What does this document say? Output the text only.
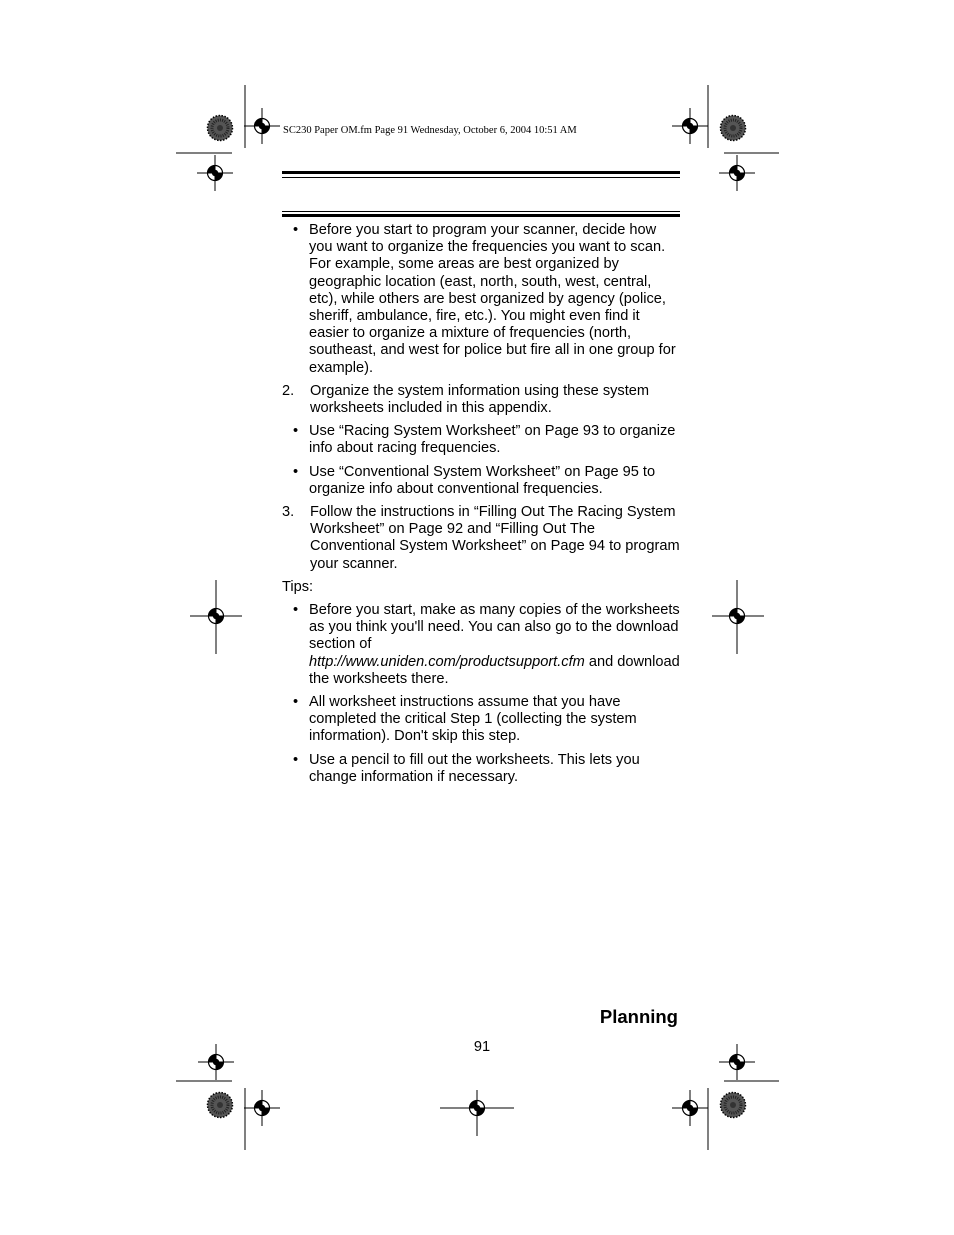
SC230 Paper OM.fm Page 91 Wednesday, October 6, 2004 10:51 AM
• Before you start to program your scanner, decide how you want to organize the frequencies you want to scan. For example, some areas are best organized by geographic location (east, north, south, west, central, etc), while others are best organized by agency (police, sheriff, ambulance, fire, etc.). You might even find it easier to organize a mixture of frequencies (north, southeast, and west for police but fire all in one group for example).
2. Organize the system information using these system worksheets included in this appendix.
• Use “Racing System Worksheet” on Page 93 to organize info about racing frequencies.
• Use “Conventional System Worksheet” on Page 95 to organize info about conventional frequencies.
3. Follow the instructions in “Filling Out The Racing System Worksheet” on Page 92 and “Filling Out The Conventional System Worksheet” on Page 94 to program your scanner.
Tips:
• Before you start, make as many copies of the worksheets as you think you'll need. You can also go to the download section of
http://www.uniden.com/productsupport.cfm and download the worksheets there.
• All worksheet instructions assume that you have completed the critical Step 1 (collecting the system information). Don't skip this step.
• Use a pencil to fill out the worksheets. This lets you change information if necessary.
Planning
91
